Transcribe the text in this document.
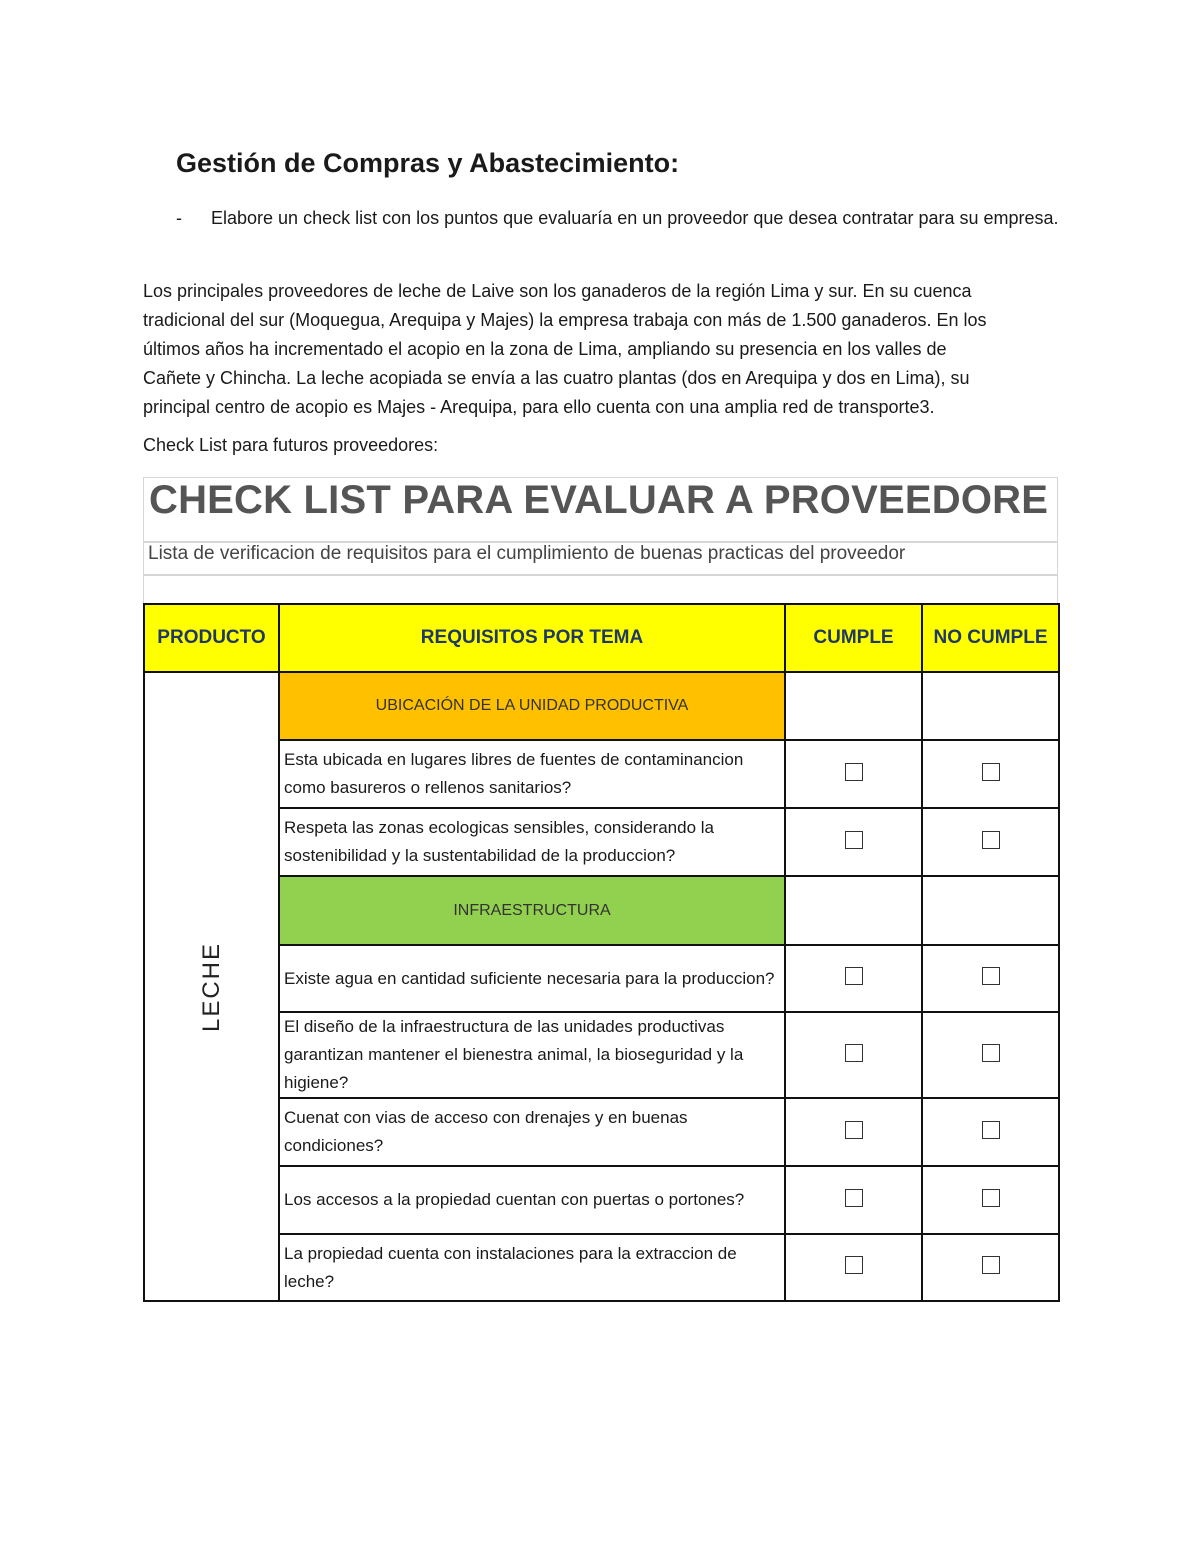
Gestión de Compras y Abastecimiento:
- Elabore un check list con los puntos que evaluaría en un proveedor que desea contratar para su empresa.

Los principales proveedores de leche de Laive son los ganaderos de la región Lima y sur. En su cuenca
tradicional del sur (Moquegua, Arequipa y Majes) la empresa trabaja con más de 1.500 ganaderos. En los
últimos años ha incrementado el acopio en la zona de Lima, ampliando su presencia en los valles de
Cañete y Chincha. La leche acopiada se envía a las cuatro plantas (dos en Arequipa y dos en Lima), su
principal centro de acopio es Majes - Arequipa, para ello cuenta con una amplia red de transporte3.

Check List para futuros proveedores:

CHECK LIST PARA EVALUAR A PROVEEDORE
Lista de verificacion de requisitos para el cumplimiento de buenas practicas del proveedor
PRODUCTO	REQUISITOS POR TEMA	CUMPLE	NO CUMPLE

LECHE	UBICACIÓN DE LA UNIDAD PRODUCTIVA		
	Esta ubicada en lugares libres de fuentes de contaminancion como basureros o rellenos sanitarios?		
	Respeta las zonas ecologicas sensibles, considerando la sostenibilidad y la sustentabilidad de la produccion?		
	INFRAESTRUCTURA		
	Existe agua en cantidad suficiente necesaria para la produccion?		
	El diseño de la infraestructura de las unidades productivas garantizan mantener el bienestra animal, la bioseguridad y la higiene?		
	Cuenat con vias de acceso con drenajes y en buenas condiciones?		
	Los accesos a la propiedad cuentan con puertas o portones?		
	La propiedad cuenta con instalaciones para la extraccion de leche?		
